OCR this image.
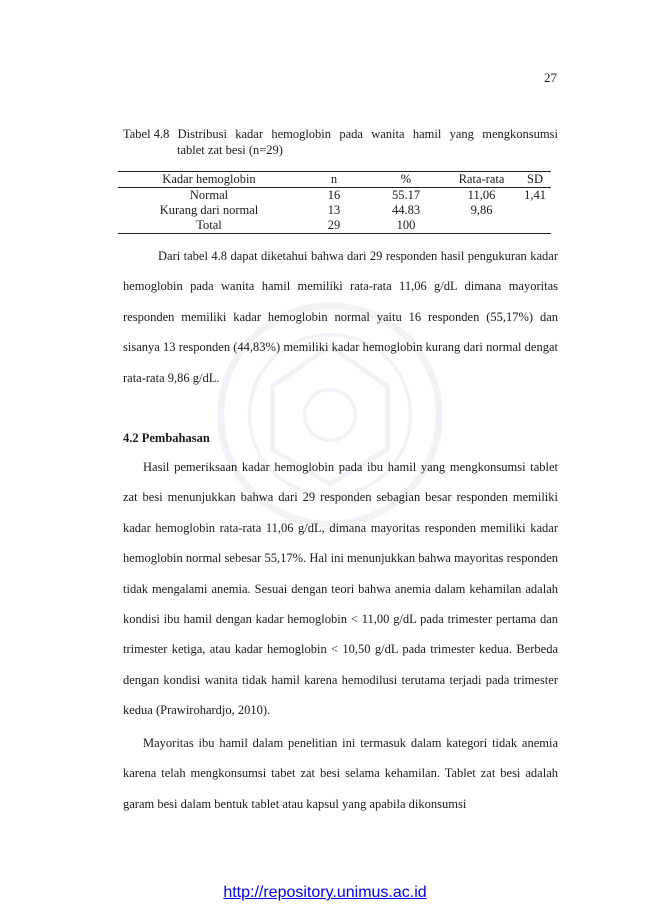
27
Tabel 4.8 Distribusi kadar hemoglobin pada wanita hamil yang mengkonsumsi
tablet zat besi (n=29)
Kadar hemoglobin	n	%	Rata-rata	SD
Normal	16	55.17	11,06	1,41
Kurang dari normal	13	44.83	9,86	
Total	29	100		

Dari tabel 4.8 dapat diketahui bahwa dari 29 responden hasil pengukuran kadar hemoglobin pada wanita hamil memiliki rata-rata 11,06 g/dL dimana mayoritas responden memiliki kadar hemoglobin normal yaitu 16 responden (55,17%) dan sisanya 13 responden (44,83%) memiliki kadar hemoglobin kurang dari normal dengat rata-rata 9,86 g/dL.

4.2 Pembahasan

Hasil pemeriksaan kadar hemoglobin pada ibu hamil yang mengkonsumsi tablet zat besi menunjukkan bahwa dari 29 responden sebagian besar responden memiliki kadar hemoglobin rata-rata 11,06 g/dL, dimana mayoritas responden memiliki kadar hemoglobin normal sebesar 55,17%. Hal ini menunjukkan bahwa mayoritas responden tidak mengalami anemia. Sesuai dengan teori bahwa anemia dalam kehamilan adalah kondisi ibu hamil dengan kadar hemoglobin < 11,00 g/dL pada trimester pertama dan trimester ketiga, atau kadar hemoglobin < 10,50 g/dL pada trimester kedua. Berbeda dengan kondisi wanita tidak hamil karena hemodilusi terutama terjadi pada trimester kedua (Prawirohardjo, 2010).

Mayoritas ibu hamil dalam penelitian ini termasuk dalam kategori tidak anemia karena telah mengkonsumsi tabet zat besi selama kehamilan. Tablet zat besi adalah garam besi dalam bentuk tablet atau kapsul yang apabila dikonsumsi

http://repository.unimus.ac.id
